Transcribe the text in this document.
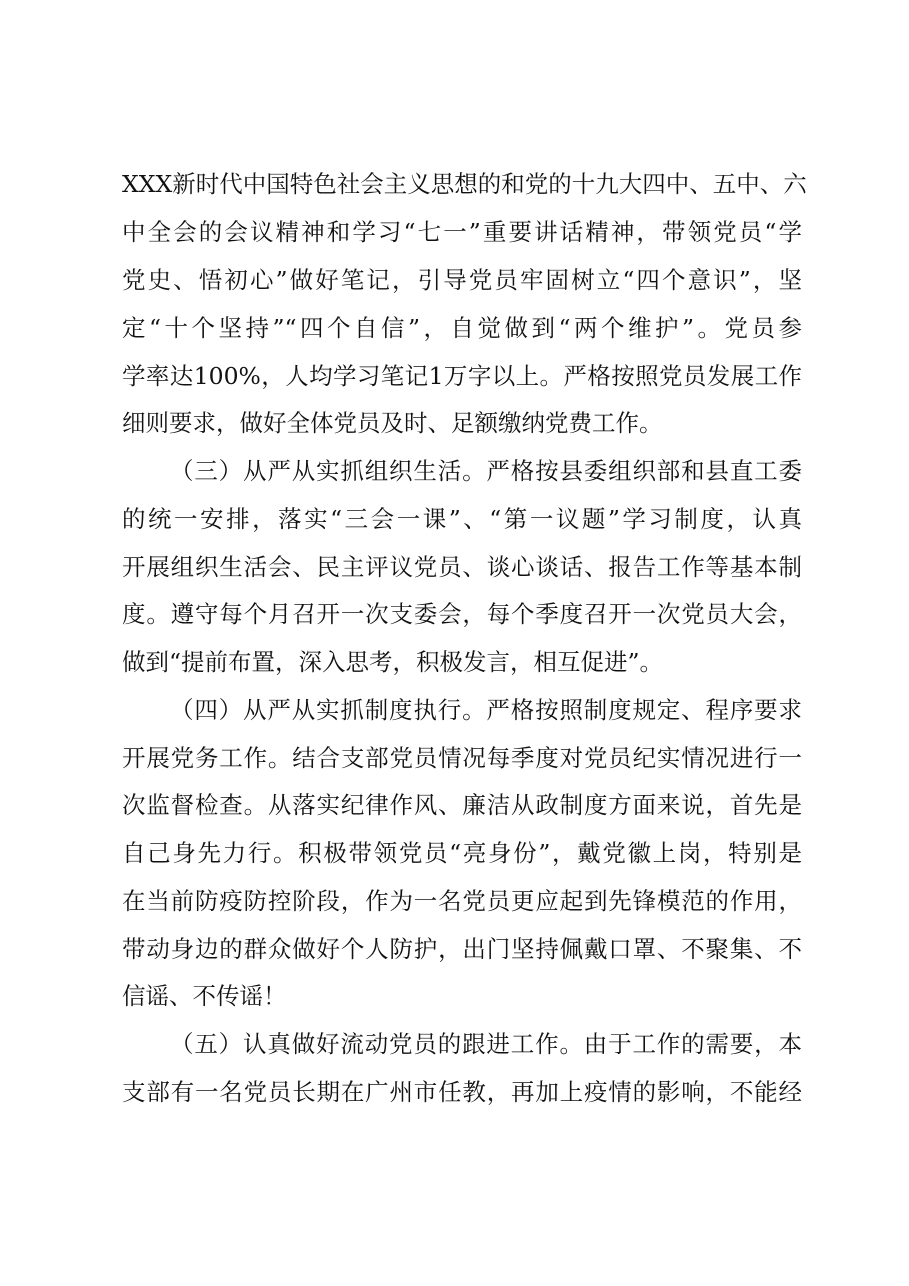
XXX新时代中国特色社会主义思想的和党的十九大四中、五中、六
中全会的会议精神和学习“七一”重要讲话精神，带领党员“学
党史、悟初心”做好笔记，引导党员牢固树立“四个意识”，坚
定“十个坚持”“四个自信”，自觉做到“两个维护”。党员参
学率达100%，人均学习笔记1万字以上。严格按照党员发展工作
细则要求，做好全体党员及时、足额缴纳党费工作。
（三）从严从实抓组织生活。严格按县委组织部和县直工委
的统一安排，落实“三会一课”、“第一议题”学习制度，认真
开展组织生活会、民主评议党员、谈心谈话、报告工作等基本制
度。遵守每个月召开一次支委会，每个季度召开一次党员大会，
做到“提前布置，深入思考，积极发言，相互促进”。
（四）从严从实抓制度执行。严格按照制度规定、程序要求
开展党务工作。结合支部党员情况每季度对党员纪实情况进行一
次监督检查。从落实纪律作风、廉洁从政制度方面来说，首先是
自己身先力行。积极带领党员“亮身份”，戴党徽上岗，特别是
在当前防疫防控阶段，作为一名党员更应起到先锋模范的作用，
带动身边的群众做好个人防护，出门坚持佩戴口罩、不聚集、不
信谣、不传谣！
（五）认真做好流动党员的跟进工作。由于工作的需要，本
支部有一名党员长期在广州市任教，再加上疫情的影响，不能经
